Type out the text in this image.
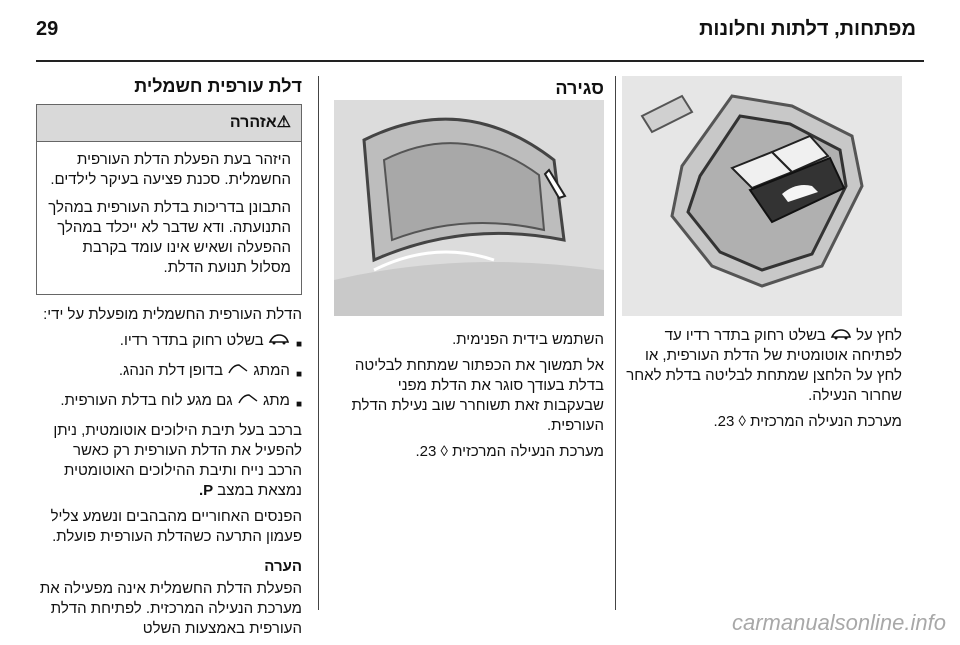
מפתחות, דלתות וחלונות
29

לחץ על  בשלט רחוק בתדר רדיו עד לפתיחה אוטומטית של הדלת העורפית, או לחץ על הלחצן שמתחת לבליטה בדלת לאחר שחרור הנעילה.

מערכת הנעילה המרכזית ◊ 23.

סגירה

השתמש בידית הפנימית.

אל תמשוך את הכפתור שמתחת לבליטה בדלת בעודך סוגר את הדלת מפני שבעקבות זאת תשוחרר שוב נעילת הדלת העורפית.

מערכת הנעילה המרכזית ◊ 23.

דלת עורפית חשמלית
⚠אזהרה

היזהר בעת הפעלת הדלת העורפית החשמלית. סכנת פציעה בעיקר לילדים.

התבונן בדריכות בדלת העורפית במהלך התנועתה. ודא שדבר לא ייכלד במהלך ההפעלה ושאיש אינו עומד בקרבת מסלול תנועת הדלת.

הדלת העורפית החשמלית מופעלת על ידי:

■
בשלט רחוק בתדר רדיו.
■
המתג  בדופן דלת הנהג.
■
מתג  גם מגע לוח בדלת העורפית.

ברכב בעל תיבת הילוכים אוטומטית, ניתן להפעיל את הדלת העורפית רק כאשר הרכב נייח ותיבת ההילוכים האוטומטית נמצאת במצב P.

הפנסים האחוריים מהבהבים ונשמע צליל פעמון התרעה כשהדלת העורפית פועלת.

הערה

הפעלת הדלת החשמלית אינה מפעילה את מערכת הנעילה המרכזית. לפתיחת הדלת העורפית באמצעות השלט	carmanualsonline.info
